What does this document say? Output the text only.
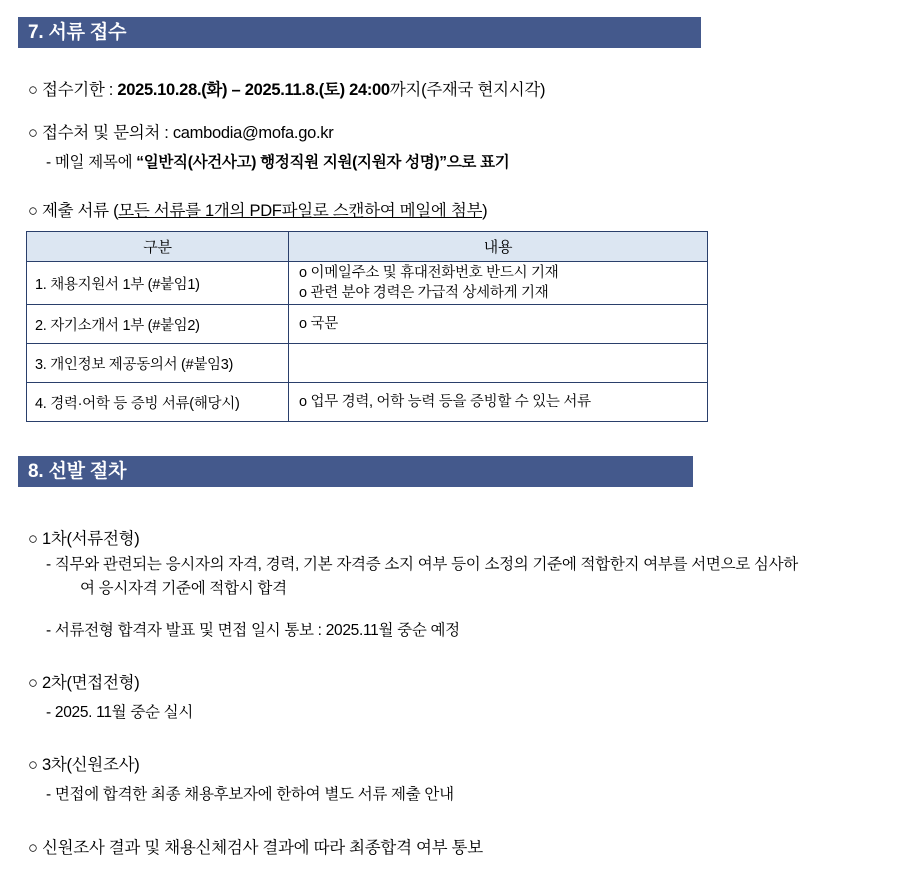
7. 서류 접수
○ 접수기한 : 2025.10.28.(화) – 2025.11.8.(토) 24:00까지(주재국 현지시각)
○ 접수처 및 문의처 : cambodia@mofa.go.kr
- 메일 제목에 “일반직(사건사고) 행정직원 지원(지원자 성명)”으로 표기
○ 제출 서류 (모든 서류를 1개의 PDF파일로 스캔하여 메일에 첨부)
구분	내용
1. 채용지원서 1부 (#붙임1)	ο 이메일주소 및 휴대전화번호 반드시 기재
ο 관련 분야 경력은 가급적 상세하게 기재

2. 자기소개서 1부 (#붙임2)	ο 국문

3. 개인정보 제공동의서 (#붙임3)	

4. 경력·어학 등 증빙 서류(해당시)	ο 업무 경력, 어학 능력 등을 증빙할 수 있는 서류
8. 선발 절차
○ 1차(서류전형)
- 직무와 관련되는 응시자의 자격, 경력, 기본 자격증 소지 여부 등이 소정의 기준에 적합한지 여부를 서면으로 심사하
여 응시자격 기준에 적합시 합격
- 서류전형 합격자 발표 및 면접 일시 통보 : 2025.11월 중순 예정
○ 2차(면접전형)
- 2025. 11월 중순 실시
○ 3차(신원조사)
- 면접에 합격한 최종 채용후보자에 한하여 별도 서류 제출 안내
○ 신원조사 결과 및 채용신체검사 결과에 따라 최종합격 여부 통보
